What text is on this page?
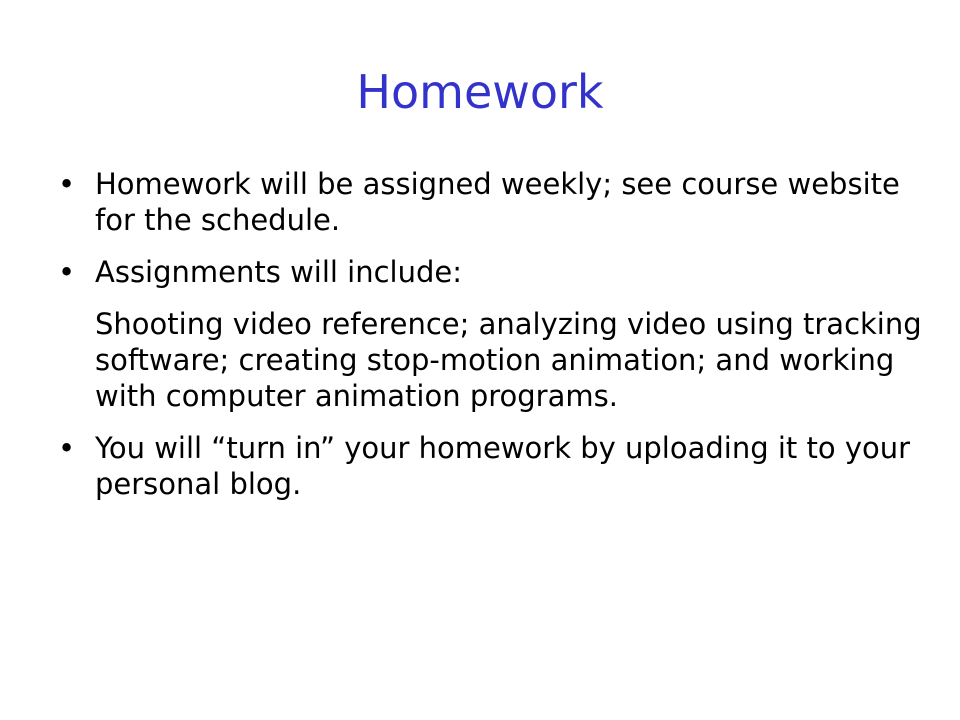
Homework
• Homework will be assigned weekly; see course website for the schedule.
• Assignments will include:
Shooting video reference; analyzing video using tracking software; creating stop-motion animation; and working with computer animation programs.
• You will “turn in” your homework by uploading it to your personal blog.
